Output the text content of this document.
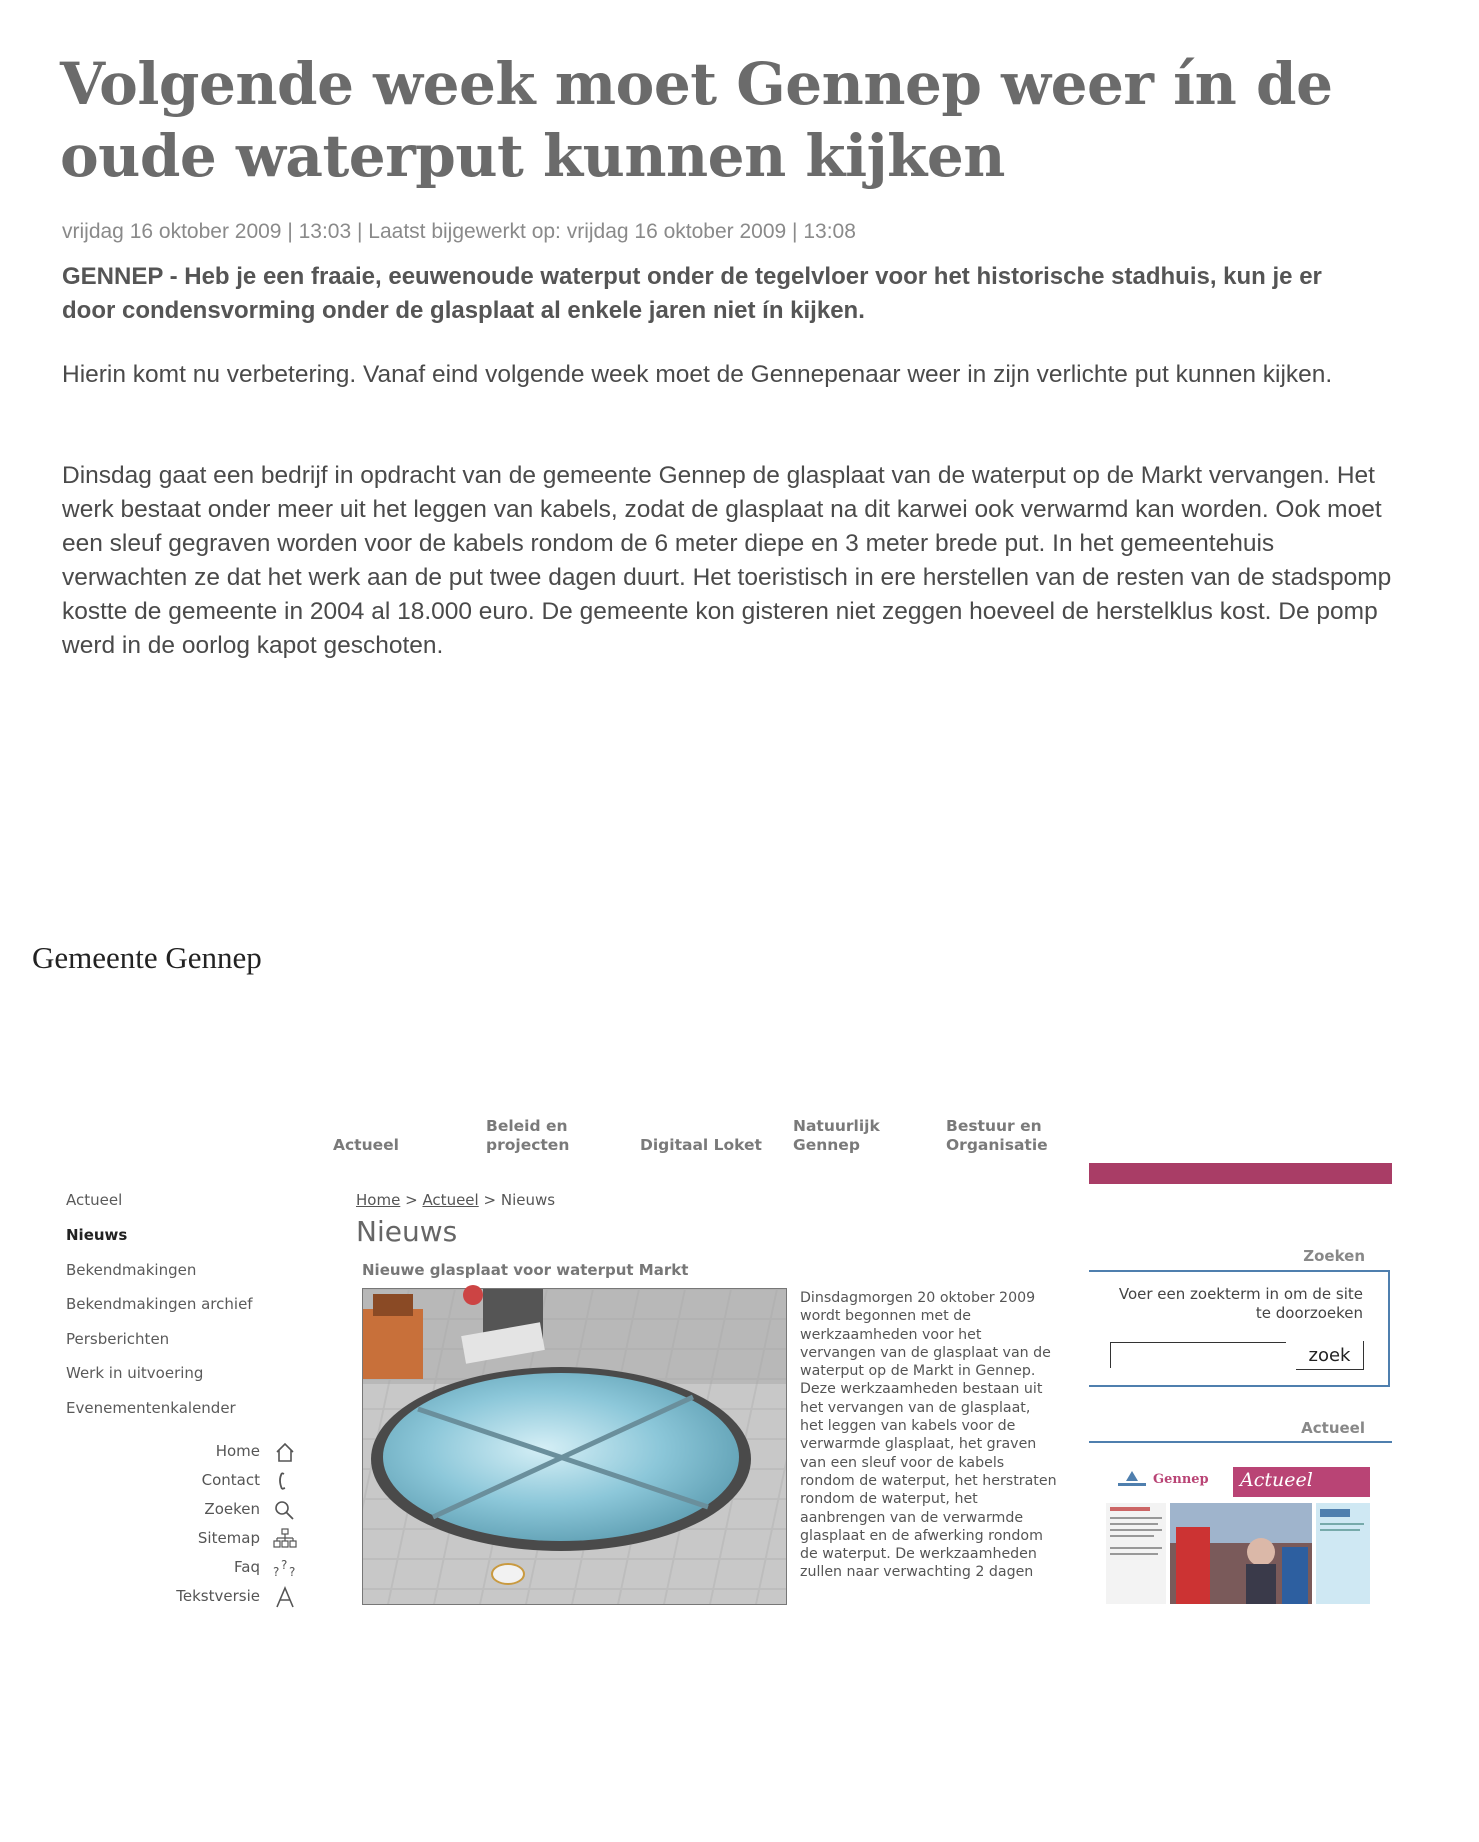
Volgende week moet Gennep weer ín de oude waterput kunnen kijken
vrijdag 16 oktober 2009 | 13:03 | Laatst bijgewerkt op: vrijdag 16 oktober 2009 | 13:08

GENNEP - Heb je een fraaie, eeuwenoude waterput onder de tegelvloer voor het historische stadhuis, kun je er door condensvorming onder de glasplaat al enkele jaren niet ín kijken.

Hierin komt nu verbetering. Vanaf eind volgende week moet de Gennepenaar weer in zijn verlichte put kunnen kijken.

Dinsdag gaat een bedrijf in opdracht van de gemeente Gennep de glasplaat van de waterput op de Markt vervangen. Het werk bestaat onder meer uit het leggen van kabels, zodat de glasplaat na dit karwei ook verwarmd kan worden. Ook moet een sleuf gegraven worden voor de kabels rondom de 6 meter diepe en 3 meter brede put. In het gemeentehuis verwachten ze dat het werk aan de put twee dagen duurt. Het toeristisch in ere herstellen van de resten van de stadspomp kostte de gemeente in 2004 al 18.000 euro. De gemeente kon gisteren niet zeggen hoeveel de herstelklus kost. De pomp werd in de oorlog kapot geschoten.

Gemeente Gennep
Actueel
Beleid en
projecten	Digitaal Loket
Natuurlijk
Gennep
Bestuur en
Organisatie
Actueel
Nieuws
Bekendmakingen
Bekendmakingen archief
Persberichten
Werk in uitvoering
Evenementenkalender
Home
Contact
Zoeken
Sitemap
Faq ? ? ?
Tekstversie
Home > Actueel > Nieuws
Nieuws
Nieuwe glasplaat voor waterput Markt

Dinsdagmorgen 20 oktober 2009 wordt begonnen met de werkzaamheden voor het vervangen van de glasplaat van de waterput op de Markt in Gennep.
Deze werkzaamheden bestaan uit het vervangen van de glasplaat, het leggen van kabels voor de verwarmde glasplaat, het graven van een sleuf voor de kabels rondom de waterput, het herstraten rondom de waterput, het aanbrengen van de verwarmde glasplaat en de afwerking rondom de waterput. De werkzaamheden zullen naar verwachting 2 dagen

Zoeken
Voer een zoekterm in om de site te doorzoeken
zoek
Actueel
Gennep Actueel
